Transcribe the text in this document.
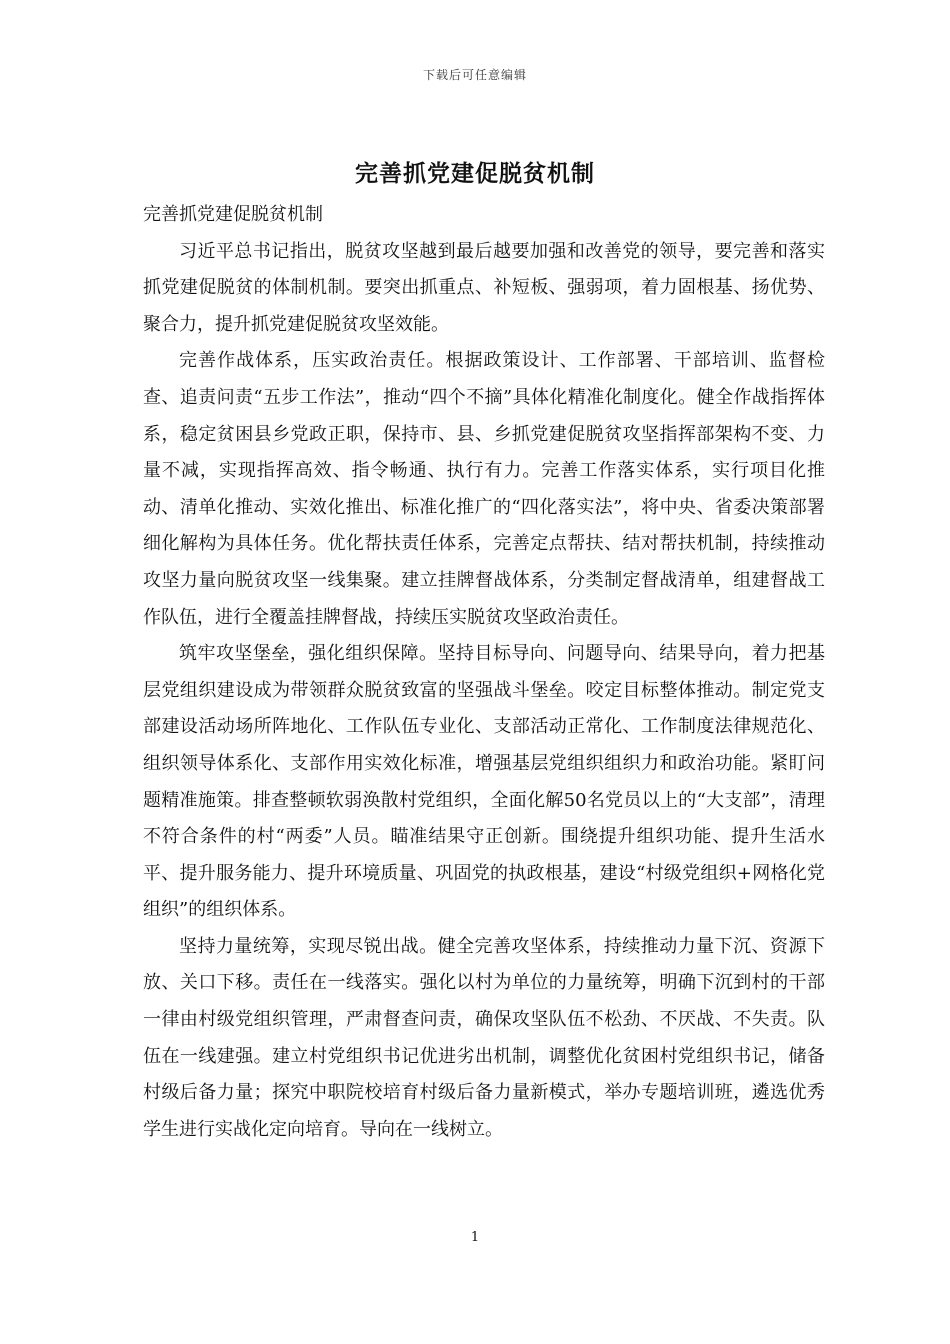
下载后可任意编辑
完善抓党建促脱贫机制

完善抓党建促脱贫机制

习近平总书记指出，脱贫攻坚越到最后越要加强和改善党的领导，要完善和落实抓党建促脱贫的体制机制。要突出抓重点、补短板、强弱项，着力固根基、扬优势、聚合力，提升抓党建促脱贫攻坚效能。

完善作战体系，压实政治责任。根据政策设计、工作部署、干部培训、监督检查、追责问责“五步工作法”，推动“四个不摘”具体化精准化制度化。健全作战指挥体系，稳定贫困县乡党政正职，保持市、县、乡抓党建促脱贫攻坚指挥部架构不变、力量不减，实现指挥高效、指令畅通、执行有力。完善工作落实体系，实行项目化推动、清单化推动、实效化推出、标准化推广的“四化落实法”，将中央、省委决策部署细化解构为具体任务。优化帮扶责任体系，完善定点帮扶、结对帮扶机制，持续推动攻坚力量向脱贫攻坚一线集聚。建立挂牌督战体系，分类制定督战清单，组建督战工作队伍，进行全覆盖挂牌督战，持续压实脱贫攻坚政治责任。

筑牢攻坚堡垒，强化组织保障。坚持目标导向、问题导向、结果导向，着力把基层党组织建设成为带领群众脱贫致富的坚强战斗堡垒。咬定目标整体推动。制定党支部建设活动场所阵地化、工作队伍专业化、支部活动正常化、工作制度法律规范化、组织领导体系化、支部作用实效化标准，增强基层党组织组织力和政治功能。紧盯问题精准施策。排查整顿软弱涣散村党组织，全面化解50名党员以上的“大支部”，清理不符合条件的村“两委”人员。瞄准结果守正创新。围绕提升组织功能、提升生活水平、提升服务能力、提升环境质量、巩固党的执政根基，建设“村级党组织+网格化党组织”的组织体系。

坚持力量统筹，实现尽锐出战。健全完善攻坚体系，持续推动力量下沉、资源下放、关口下移。责任在一线落实。强化以村为单位的力量统筹，明确下沉到村的干部一律由村级党组织管理，严肃督查问责，确保攻坚队伍不松劲、不厌战、不失责。队伍在一线建强。建立村党组织书记优进劣出机制，调整优化贫困村党组织书记，储备村级后备力量；探究中职院校培育村级后备力量新模式，举办专题培训班，遴选优秀学生进行实战化定向培育。导向在一线树立。

1
